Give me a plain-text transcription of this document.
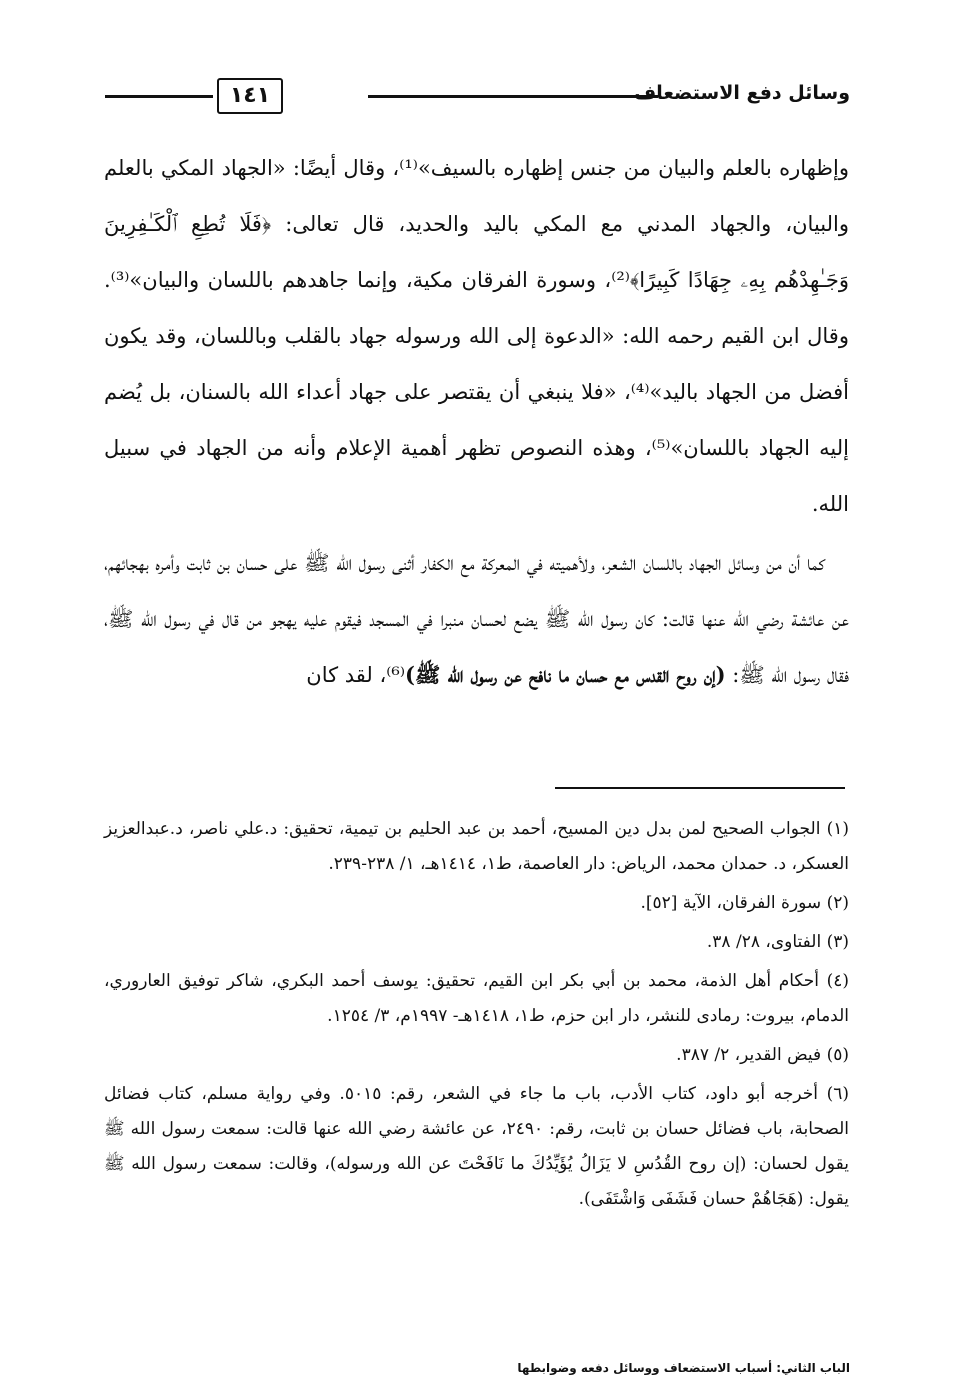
وسائل دفع الاستضعاف
١٤١

وإظهاره بالعلم والبيان من جنس إظهاره بالسيف»⁽¹⁾، وقال أيضًا: «الجهاد المكي بالعلم والبيان، والجهاد المدني مع المكي باليد والحديد، قال تعالى: ﴿فَلَا تُطِعِ ٱلْكَـٰفِرِينَ وَجَـٰهِدْهُم بِهِۦ جِهَادًا كَبِيرًا﴾⁽²⁾، وسورة الفرقان مكية، وإنما جاهدهم باللسان والبيان»⁽³⁾. وقال ابن القيم رحمه الله: «الدعوة إلى الله ورسوله جهاد بالقلب وباللسان، وقد يكون أفضل من الجهاد باليد»⁽⁴⁾، «فلا ينبغي أن يقتصر على جهاد أعداء الله بالسنان، بل يُضم إليه الجهاد باللسان»⁽⁵⁾، وهذه النصوص تظهر أهمية الإعلام وأنه من الجهاد في سبيل الله.

كما أن من وسائل الجهاد باللسان الشعر، ولأهميته في المعركة مع الكفار أثنى رسول الله ﷺ على حسان بن ثابت وأمره بهجائهم، عن عائشة رضي الله عنها قالت: كان رسول الله ﷺ يضع لحسان منبرا في المسجد فيقوم عليه يهجو من قال في رسول الله ﷺ، فقال رسول الله ﷺ: (إن روح القدس مع حسان ما نافح عن رسول الله ﷺ)⁽⁶⁾، لقد كان

(١) الجواب الصحيح لمن بدل دين المسيح، أحمد بن عبد الحليم بن تيمية، تحقيق: د.علي ناصر، د.عبدالعزيز العسكر، د. حمدان محمد، الرياض: دار العاصمة، ط١، ١٤١٤هـ، ١/ ٢٣٨-٢٣٩.

(٢) سورة الفرقان، الآية [٥٢].

(٣) الفتاوى، ٢٨/ ٣٨.

(٤) أحكام أهل الذمة، محمد بن أبي بكر ابن القيم، تحقيق: يوسف أحمد البكري، شاكر توفيق العاروري، الدمام، بيروت: رمادى للنشر، دار ابن حزم، ط١، ١٤١٨هـ- ١٩٩٧م، ٣/ ١٢٥٤.

(٥) فيض القدير، ٢/ ٣٨٧.

(٦) أخرجه أبو داود، كتاب الأدب، باب ما جاء في الشعر، رقم: ٥٠١٥. وفي رواية مسلم، كتاب فضائل الصحابة، باب فضائل حسان بن ثابت، رقم: ٢٤٩٠، عن عائشة رضي الله عنها قالت: سمعت رسول الله ﷺ يقول لحسان: (إن روح القُدُسِ لا يَزَالُ يُؤَيِّدُكَ ما نَافَحْتَ عن الله ورسوله)، وقالت: سمعت رسول الله ﷺ يقول: (هَجَاهُمْ حسان فَشَفَى وَاشْتَفَى).

الباب الثاني: أسباب الاستضعاف ووسائل دفعه وضوابطها
